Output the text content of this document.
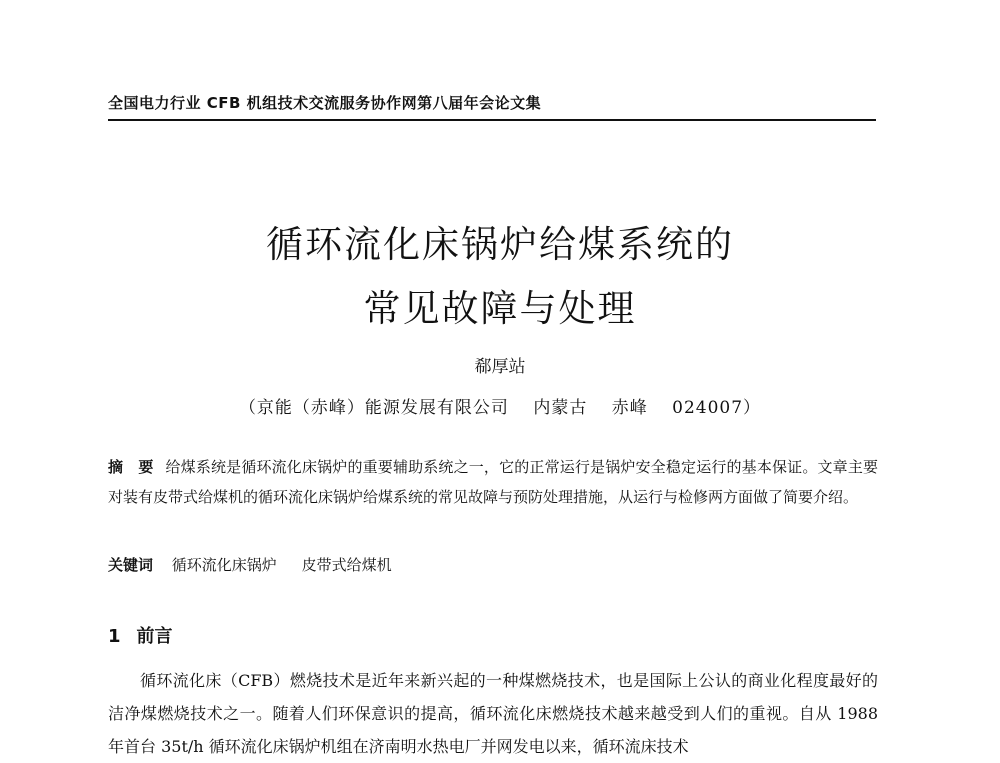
全国电力行业 CFB 机组技术交流服务协作网第八届年会论文集
循环流化床锅炉给煤系统的
常见故障与处理
郗厚站
（京能（赤峰）能源发展有限公司　 内蒙古　 赤峰　 024007）
摘　要 给煤系统是循环流化床锅炉的重要辅助系统之一，它的正常运行是锅炉安全稳定运行的基本保证。文章主要对装有皮带式给煤机的循环流化床锅炉给煤系统的常见故障与预防处理措施，从运行与检修两方面做了简要介绍。
关键词 循环流化床锅炉 皮带式给煤机
1 前言
循环流化床（CFB）燃烧技术是近年来新兴起的一种煤燃烧技术，也是国际上公认的商业化程度最好的洁净煤燃烧技术之一。随着人们环保意识的提高，循环流化床燃烧技术越来越受到人们的重视。自从 1988 年首台 35t/h 循环流化床锅炉机组在济南明水热电厂并网发电以来，循环流床技术
